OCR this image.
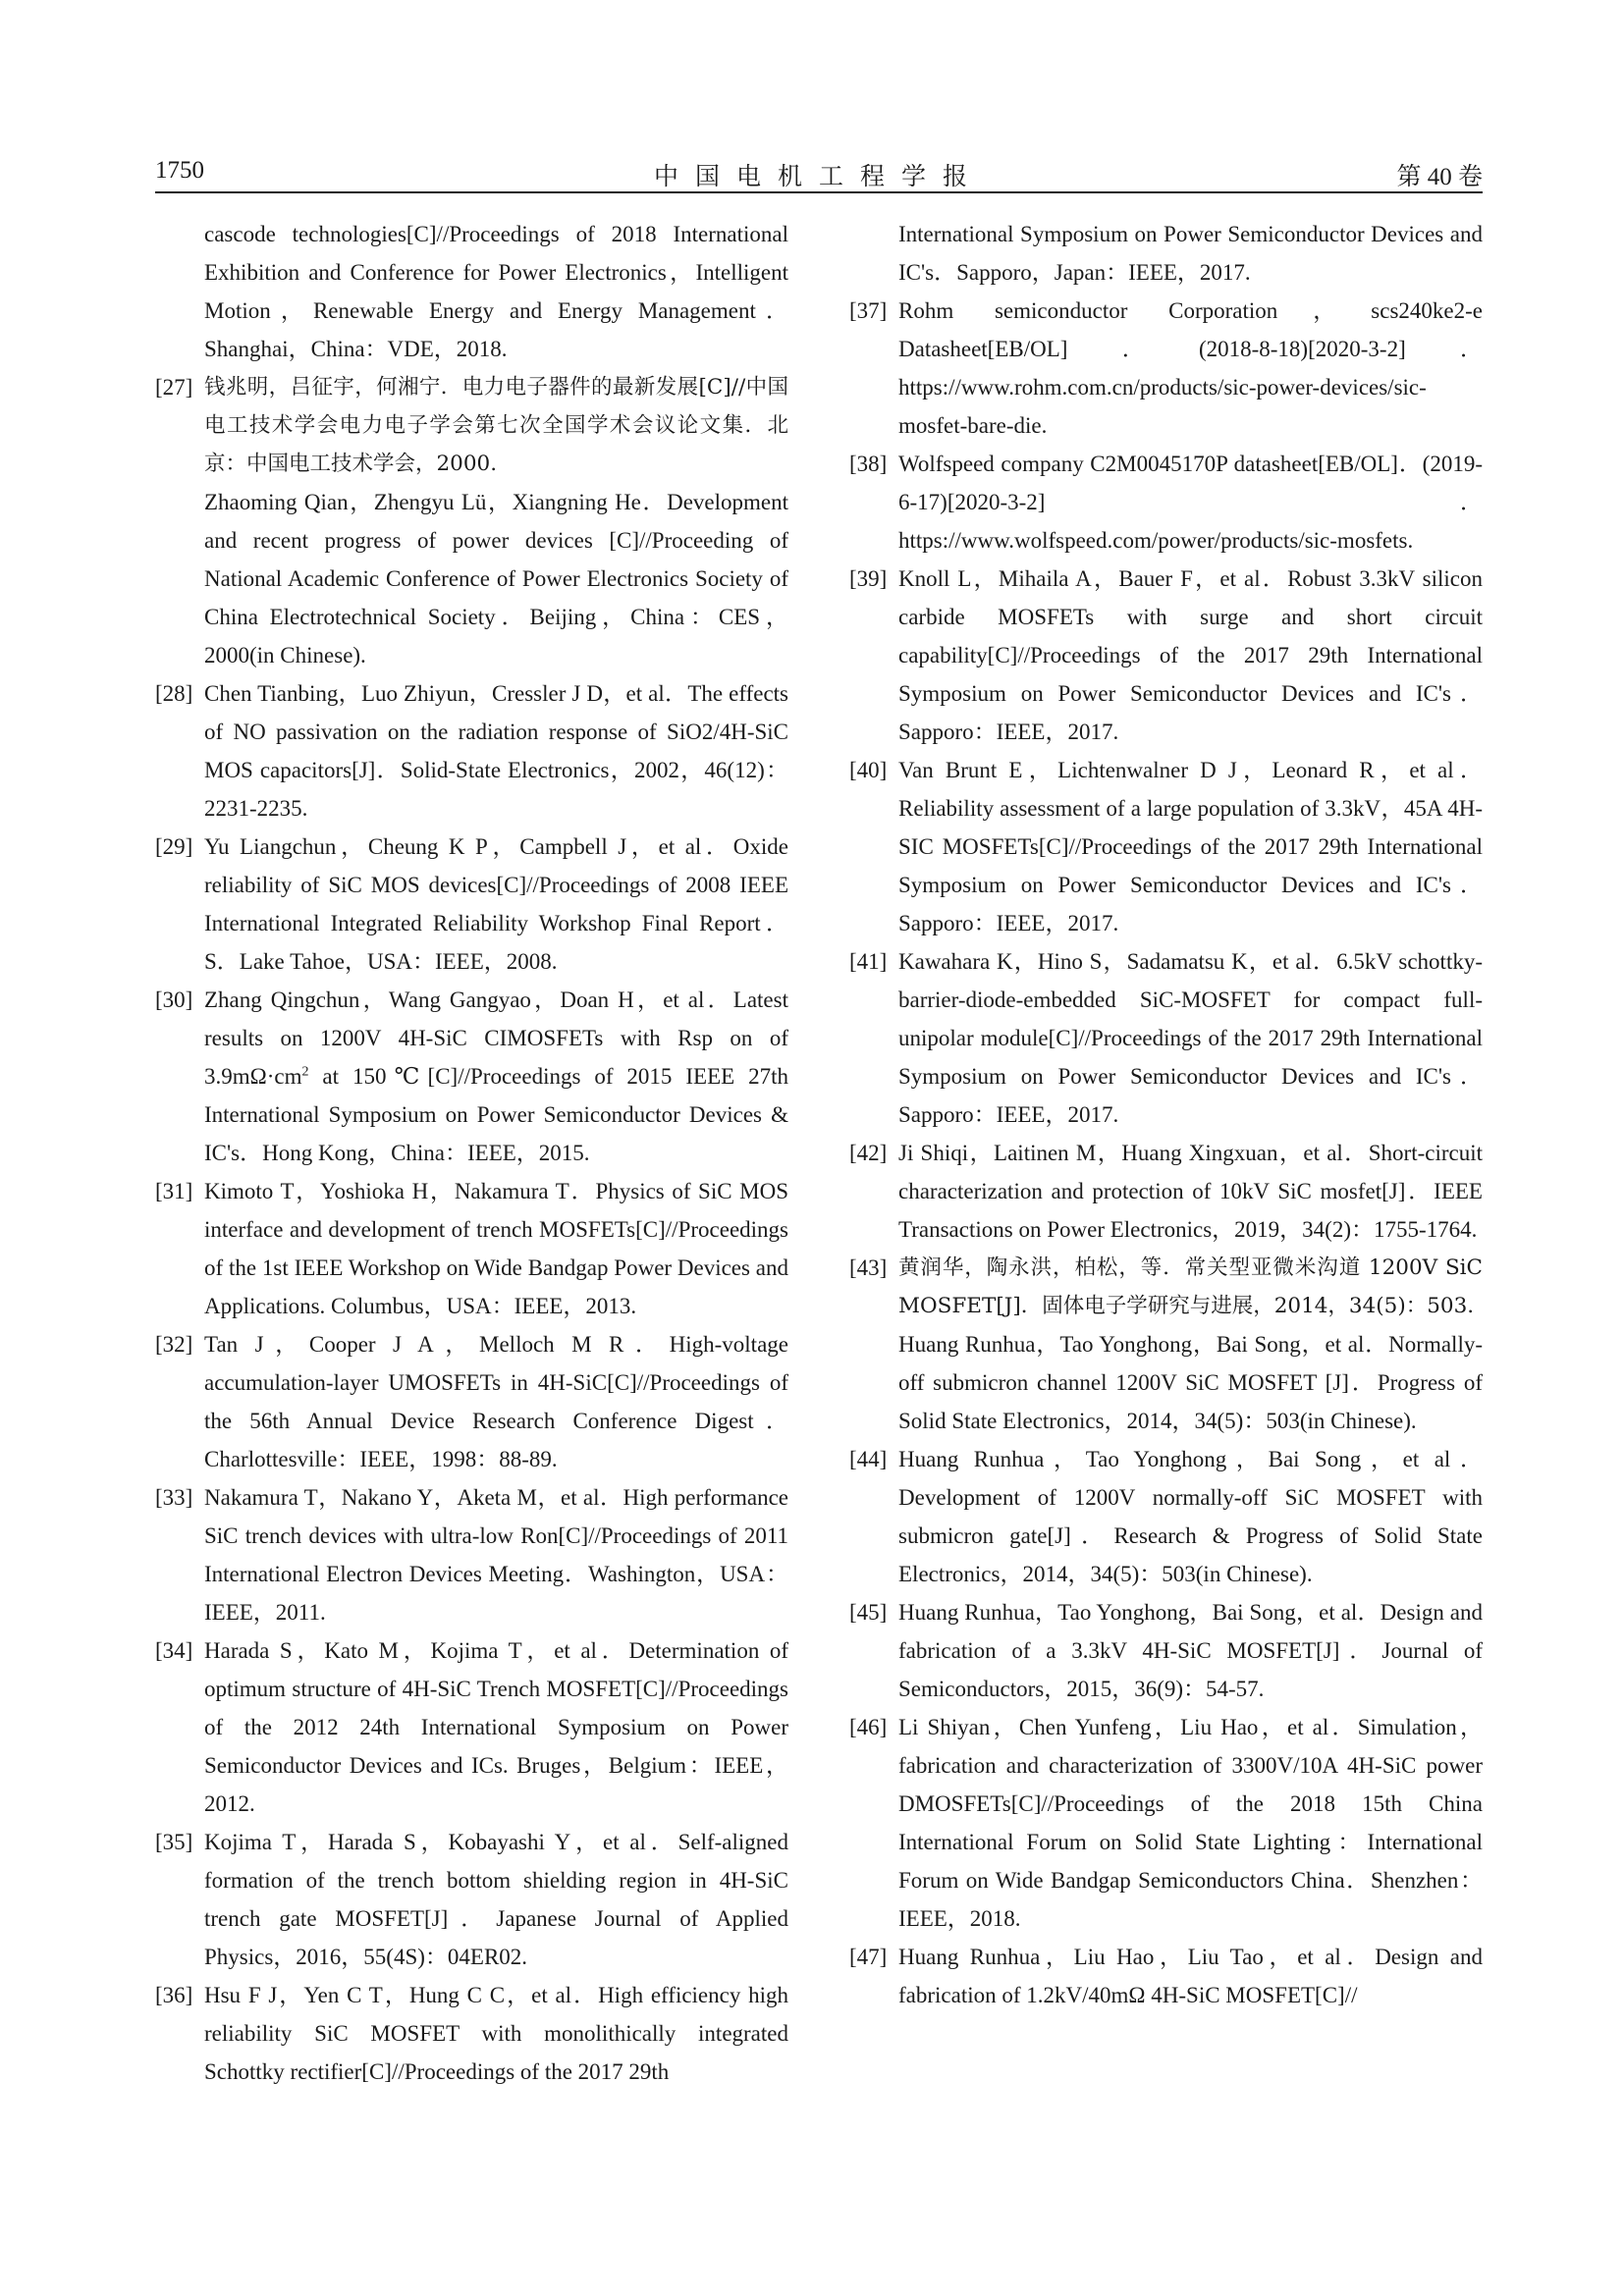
1750	中国电机工程学报	第 40 卷
cascode technologies[C]//Proceedings of 2018 International Exhibition and Conference for Power Electronics，Intelligent Motion，Renewable Energy and Energy Management．Shanghai，China：VDE，2018.
[27] 钱兆明，吕征宇，何湘宁．电力电子器件的最新发展[C]//中国电工技术学会电力电子学会第七次全国学术会议论文集．北京：中国电工技术学会，2000.
Zhaoming Qian，Zhengyu Lü，Xiangning He．Development and recent progress of power devices [C]//Proceeding of National Academic Conference of Power Electronics Society of China Electrotechnical Society．Beijing，China：CES，2000(in Chinese).
[28] Chen Tianbing，Luo Zhiyun，Cressler J D，et al．The effects of NO passivation on the radiation response of SiO2/4H-SiC MOS capacitors[J]．Solid-State Electronics，2002，46(12)：2231-2235.
[29] Yu Liangchun，Cheung K P，Campbell J，et al．Oxide reliability of SiC MOS devices[C]//Proceedings of 2008 IEEE International Integrated Reliability Workshop Final Report．S．Lake Tahoe，USA：IEEE，2008.
[30] Zhang Qingchun，Wang Gangyao，Doan H，et al．Latest results on 1200V 4H-SiC CIMOSFETs with Rsp on of $3.9m\Omega\cdot cm^2$ at 150℃[C]//Proceedings of 2015 IEEE 27th International Symposium on Power Semiconductor Devices & IC's．Hong Kong，China：IEEE，2015.
[31] Kimoto T，Yoshioka H，Nakamura T．Physics of SiC MOS interface and development of trench MOSFETs[C]//Proceedings of the 1st IEEE Workshop on Wide Bandgap Power Devices and Applications. Columbus，USA：IEEE，2013.
[32] Tan J，Cooper J A，Melloch M R．High-voltage accumulation-layer UMOSFETs in 4H-SiC[C]//Proceedings of the 56th Annual Device Research Conference Digest．Charlottesville：IEEE，1998：88-89.
[33] Nakamura T，Nakano Y，Aketa M，et al．High performance SiC trench devices with ultra-low Ron[C]//Proceedings of 2011 International Electron Devices Meeting．Washington，USA：IEEE，2011.
[34] Harada S，Kato M，Kojima T，et al．Determination of optimum structure of 4H-SiC Trench MOSFET[C]//Proceedings of the 2012 24th International Symposium on Power Semiconductor Devices and ICs. Bruges，Belgium：IEEE，2012.
[35] Kojima T，Harada S，Kobayashi Y，et al．Self-aligned formation of the trench bottom shielding region in 4H-SiC trench gate MOSFET[J]．Japanese Journal of Applied Physics，2016，55(4S)：04ER02.
[36] Hsu F J，Yen C T，Hung C C，et al．High efficiency high reliability SiC MOSFET with monolithically integrated Schottky rectifier[C]//Proceedings of the 2017 29th
International Symposium on Power Semiconductor Devices and IC's．Sapporo，Japan：IEEE，2017.
[37] Rohm semiconductor Corporation，scs240ke2-e Datasheet[EB/OL]．(2018-8-18)[2020-3-2]．https://www.rohm.com.cn/products/sic-power-devices/sic-mosfet-bare-die.
[38] Wolfspeed company C2M0045170P datasheet[EB/OL]．(2019-6-17)[2020-3-2]．https://www.wolfspeed.com/power/products/sic-mosfets.
[39] Knoll L，Mihaila A，Bauer F，et al．Robust 3.3kV silicon carbide MOSFETs with surge and short circuit capability[C]//Proceedings of the 2017 29th International Symposium on Power Semiconductor Devices and IC's．Sapporo：IEEE，2017.
[40] Van Brunt E，Lichtenwalner D J，Leonard R，et al．Reliability assessment of a large population of 3.3kV，45A 4H-SIC MOSFETs[C]//Proceedings of the 2017 29th International Symposium on Power Semiconductor Devices and IC's．Sapporo：IEEE，2017.
[41] Kawahara K，Hino S，Sadamatsu K，et al．6.5kV schottky-barrier-diode-embedded SiC-MOSFET for compact full-unipolar module[C]//Proceedings of the 2017 29th International Symposium on Power Semiconductor Devices and IC's．Sapporo：IEEE，2017.
[42] Ji Shiqi，Laitinen M，Huang Xingxuan，et al．Short-circuit characterization and protection of 10kV SiC mosfet[J]．IEEE Transactions on Power Electronics，2019，34(2)：1755-1764.
[43] 黄润华，陶永洪，柏松，等．常关型亚微米沟道 1200V SiC MOSFET[J]．固体电子学研究与进展，2014，34(5)：503.
Huang Runhua，Tao Yonghong，Bai Song，et al．Normally-off submicron channel 1200V SiC MOSFET [J]．Progress of Solid State Electronics，2014，34(5)：503(in Chinese).
[44] Huang Runhua，Tao Yonghong，Bai Song，et al．Development of 1200V normally-off SiC MOSFET with submicron gate[J]．Research & Progress of Solid State Electronics，2014，34(5)：503(in Chinese).
[45] Huang Runhua，Tao Yonghong，Bai Song，et al．Design and fabrication of a 3.3kV 4H-SiC MOSFET[J]．Journal of Semiconductors，2015，36(9)：54-57.
[46] Li Shiyan，Chen Yunfeng，Liu Hao，et al．Simulation，fabrication and characterization of 3300V/10A 4H-SiC power DMOSFETs[C]//Proceedings of the 2018 15th China International Forum on Solid State Lighting：International Forum on Wide Bandgap Semiconductors China．Shenzhen：IEEE，2018.
[47] Huang Runhua，Liu Hao，Liu Tao，et al．Design and fabrication of 1.2kV/40mΩ 4H-SiC MOSFET[C]//
